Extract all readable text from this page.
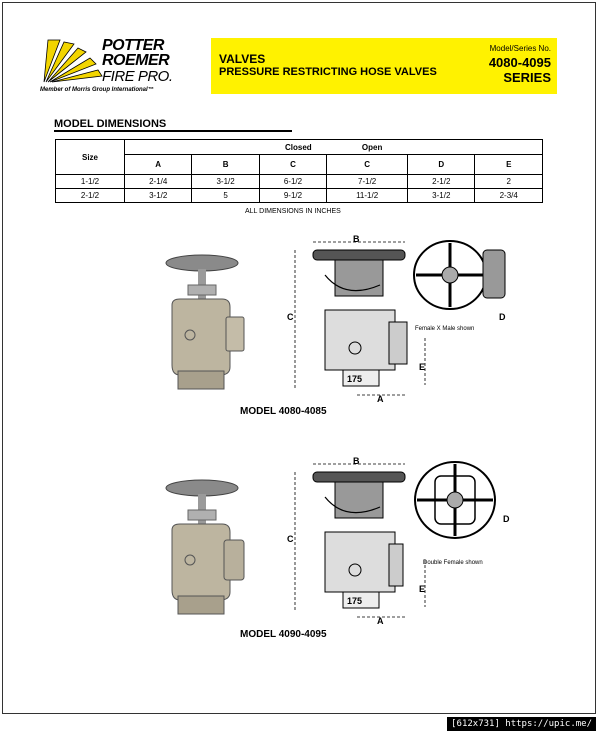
POTTER
ROEMER
FIRE PRO.
Member of Morris Group International™
VALVES
PRESSURE RESTRICTING HOSE VALVES
Model/Series No.
4080-4095
SERIES
MODEL DIMENSIONS
Size	Closed Open					
	A	B	C	C	D	E
1-1/2	2-1/4	3-1/2	6-1/2	7-1/2	2-1/2	2
2-1/2	3-1/2	5	9-1/2	11-1/2	3-1/2	2-3/4
ALL DIMENSIONS IN INCHES
MODEL 4080-4085
B
175
C
E
A
D
Female X Male shown
MODEL 4090-4095
B
175
C
E
A
D
Double Female shown
[612x731] https://upic.me/
